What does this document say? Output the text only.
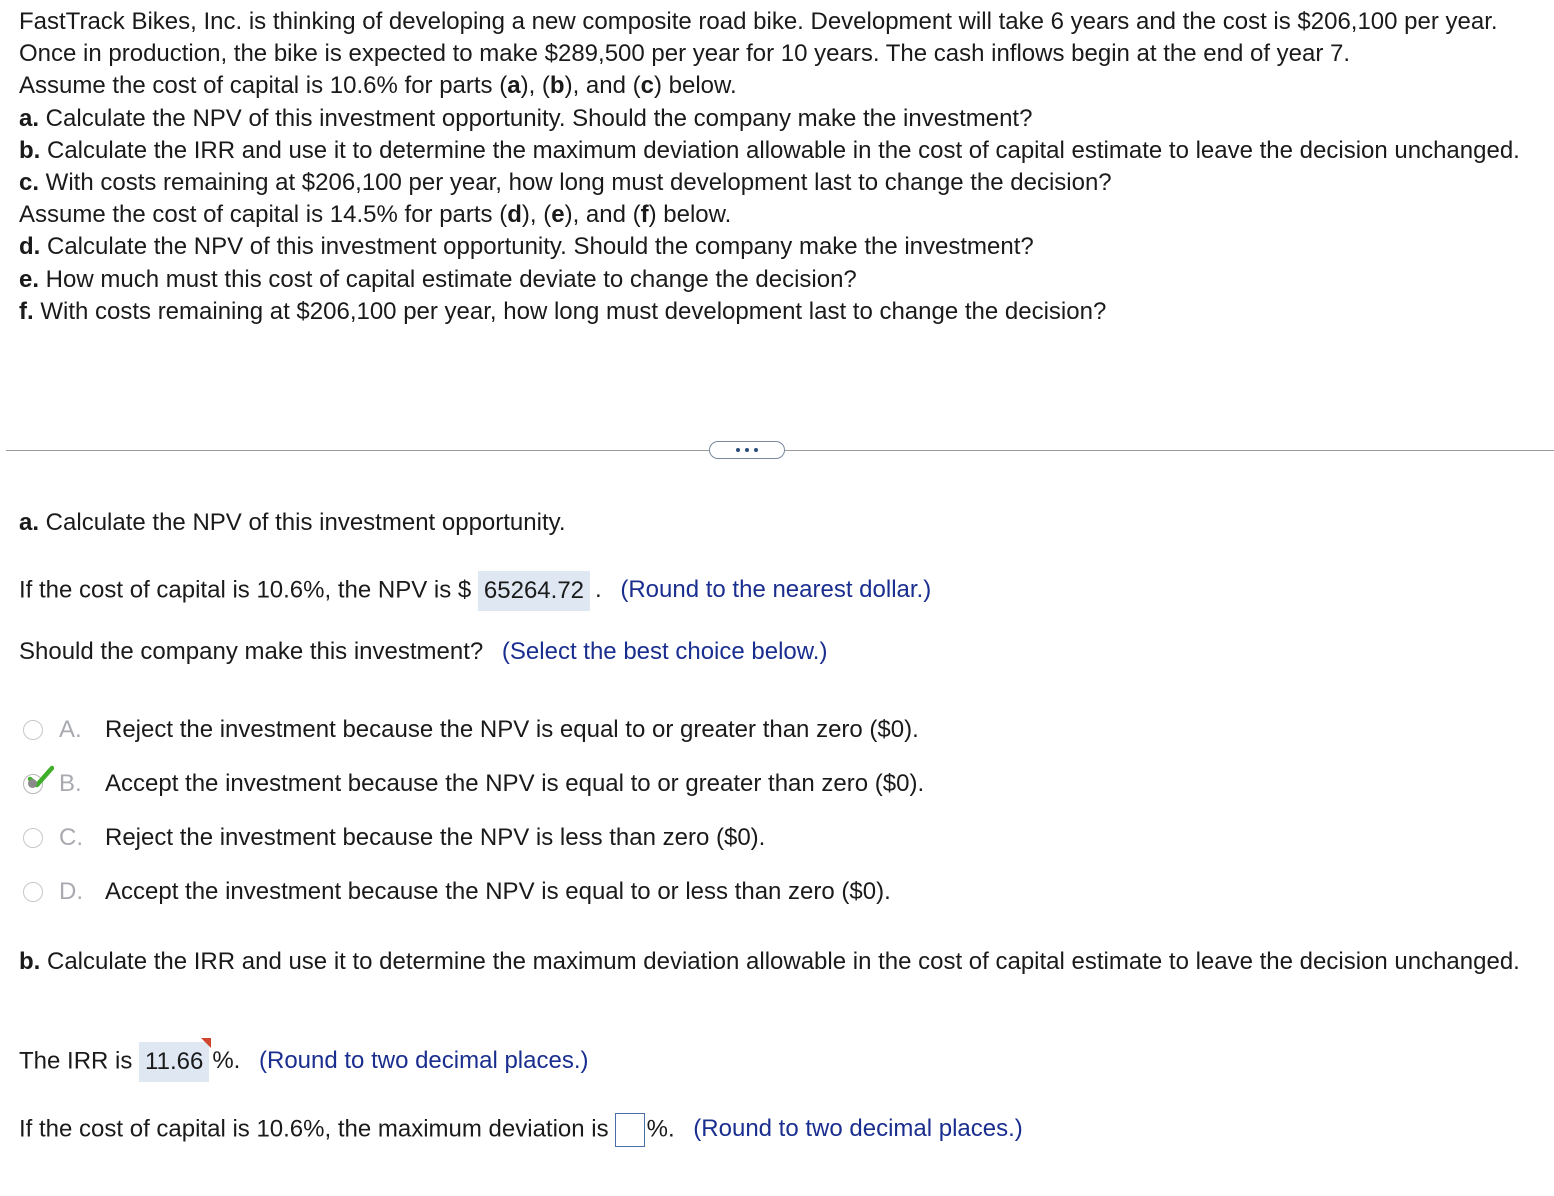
FastTrack Bikes, Inc. is thinking of developing a new composite road bike. Development will take 6 years and the cost is $206,100 per year. Once in production, the bike is expected to make $289,500 per year for 10 years. The cash inflows begin at the end of year 7.

Assume the cost of capital is 10.6% for parts (a), (b), and (c) below.

a. Calculate the NPV of this investment opportunity. Should the company make the investment?

b. Calculate the IRR and use it to determine the maximum deviation allowable in the cost of capital estimate to leave the decision unchanged.

c. With costs remaining at $206,100 per year, how long must development last to change the decision?

Assume the cost of capital is 14.5% for parts (d), (e), and (f) below.

d. Calculate the NPV of this investment opportunity. Should the company make the investment?

e. How much must this cost of capital estimate deviate to change the decision?

f. With costs remaining at $206,100 per year, how long must development last to change the decision?

a. Calculate the NPV of this investment opportunity.
If the cost of capital is 10.6%, the NPV is $ 65264.72 . (Round to the nearest dollar.)
Should the company make this investment? (Select the best choice below.)
A. Reject the investment because the NPV is equal to or greater than zero ($0).
B. Accept the investment because the NPV is equal to or greater than zero ($0).
C. Reject the investment because the NPV is less than zero ($0).
D. Accept the investment because the NPV is equal to or less than zero ($0).
b. Calculate the IRR and use it to determine the maximum deviation allowable in the cost of capital estimate to leave the decision unchanged.
The IRR is 11.66 %. (Round to two decimal places.)
If the cost of capital is 10.6%, the maximum deviation is %. (Round to two decimal places.)
